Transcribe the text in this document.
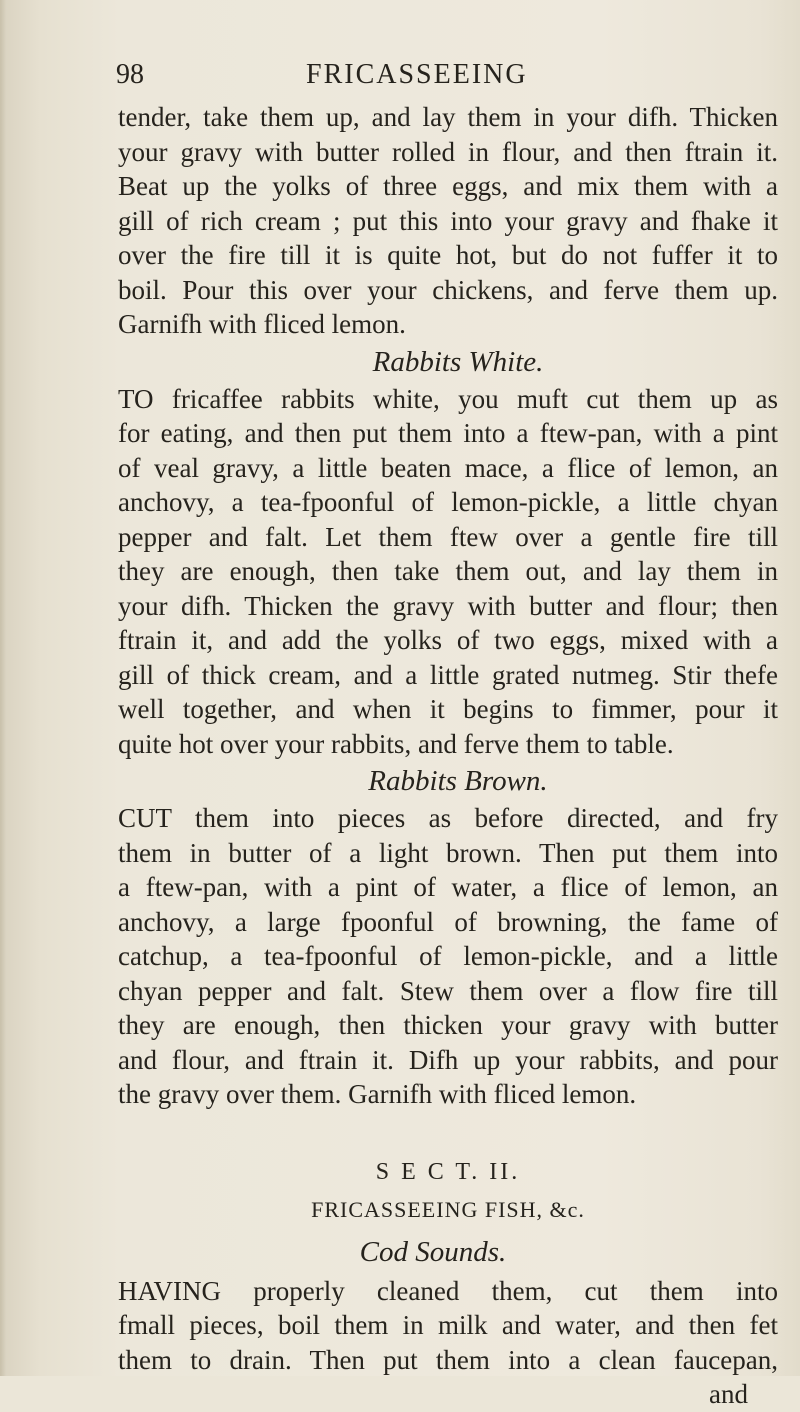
98	FRICASSEEING
tender, take them up, and lay them in your difh. Thicken
your gravy with butter rolled in flour, and then ftrain it.
Beat up the yolks of three eggs, and mix them with a
gill of rich cream ; put this into your gravy and fhake it
over the fire till it is quite hot, but do not fuffer it to
boil. Pour this over your chickens, and ferve them up.
Garnifh with fliced lemon.
Rabbits White.
TO fricaffee rabbits white, you muft cut them up as
for eating, and then put them into a ftew-pan, with a pint
of veal gravy, a little beaten mace, a flice of lemon, an
anchovy, a tea-fpoonful of lemon-pickle, a little chyan
pepper and falt. Let them ftew over a gentle fire till
they are enough, then take them out, and lay them in
your difh. Thicken the gravy with butter and flour; then
ftrain it, and add the yolks of two eggs, mixed with a
gill of thick cream, and a little grated nutmeg. Stir thefe
well together, and when it begins to fimmer, pour it
quite hot over your rabbits, and ferve them to table.
Rabbits Brown.
CUT them into pieces as before directed, and fry
them in butter of a light brown. Then put them into
a ftew-pan, with a pint of water, a flice of lemon, an
anchovy, a large fpoonful of browning, the fame of
catchup, a tea-fpoonful of lemon-pickle, and a little
chyan pepper and falt. Stew them over a flow fire till
they are enough, then thicken your gravy with butter
and flour, and ftrain it. Difh up your rabbits, and pour
the gravy over them. Garnifh with fliced lemon.
S E C T. II.
FRICASSEEING FISH, &c.
Cod Sounds.
HAVING properly cleaned them, cut them into
fmall pieces, boil them in milk and water, and then fet
them to drain. Then put them into a clean faucepan,
and
